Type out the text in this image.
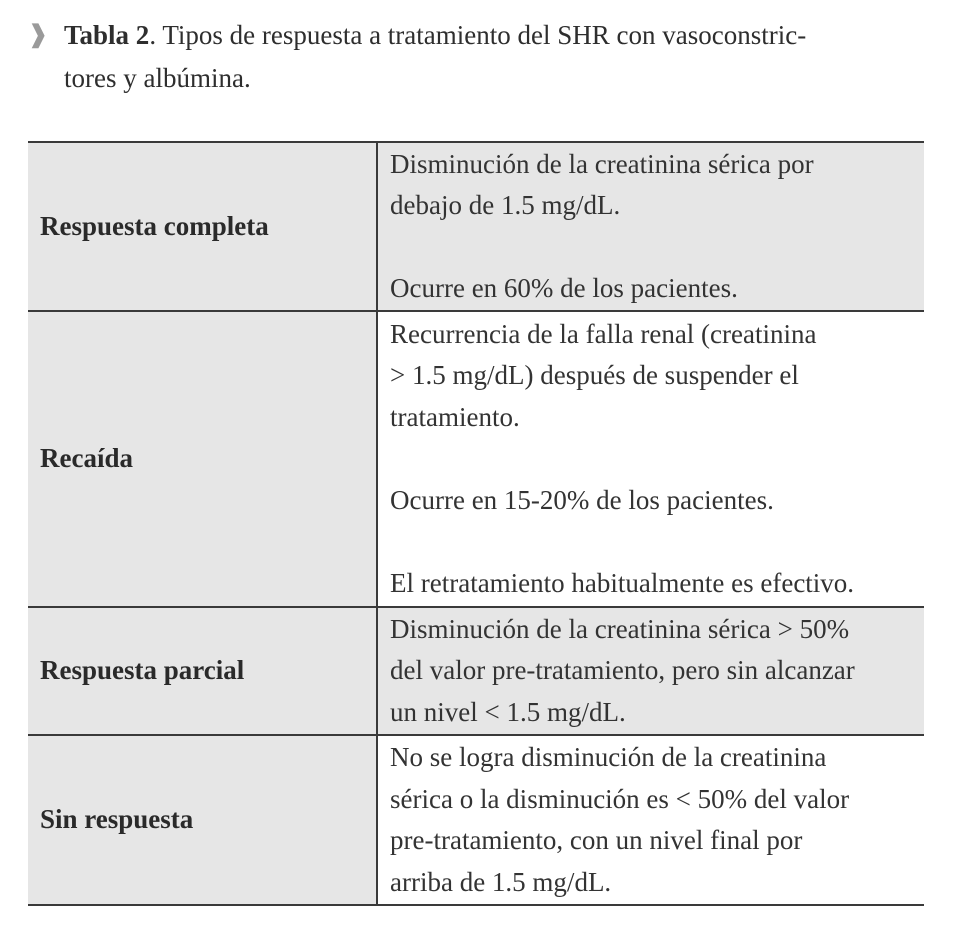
❱ Tabla 2. Tipos de respuesta a tratamiento del SHR con vasoconstric-
tores y albúmina.
Respuesta completa	Disminución de la creatinina sérica por

debajo de 1.5 mg/dL.

Ocurre en 60% de los pacientes.

Recaída	Recurrencia de la falla renal (creatinina

> 1.5 mg/dL) después de suspender el

tratamiento.

Ocurre en 15-20% de los pacientes.

El retratamiento habitualmente es efectivo.

Respuesta parcial	Disminución de la creatinina sérica > 50%

del valor pre-tratamiento, pero sin alcanzar

un nivel < 1.5 mg/dL.

Sin respuesta	No se logra disminución de la creatinina

sérica o la disminución es < 50% del valor

pre-tratamiento, con un nivel final por

arriba de 1.5 mg/dL.
